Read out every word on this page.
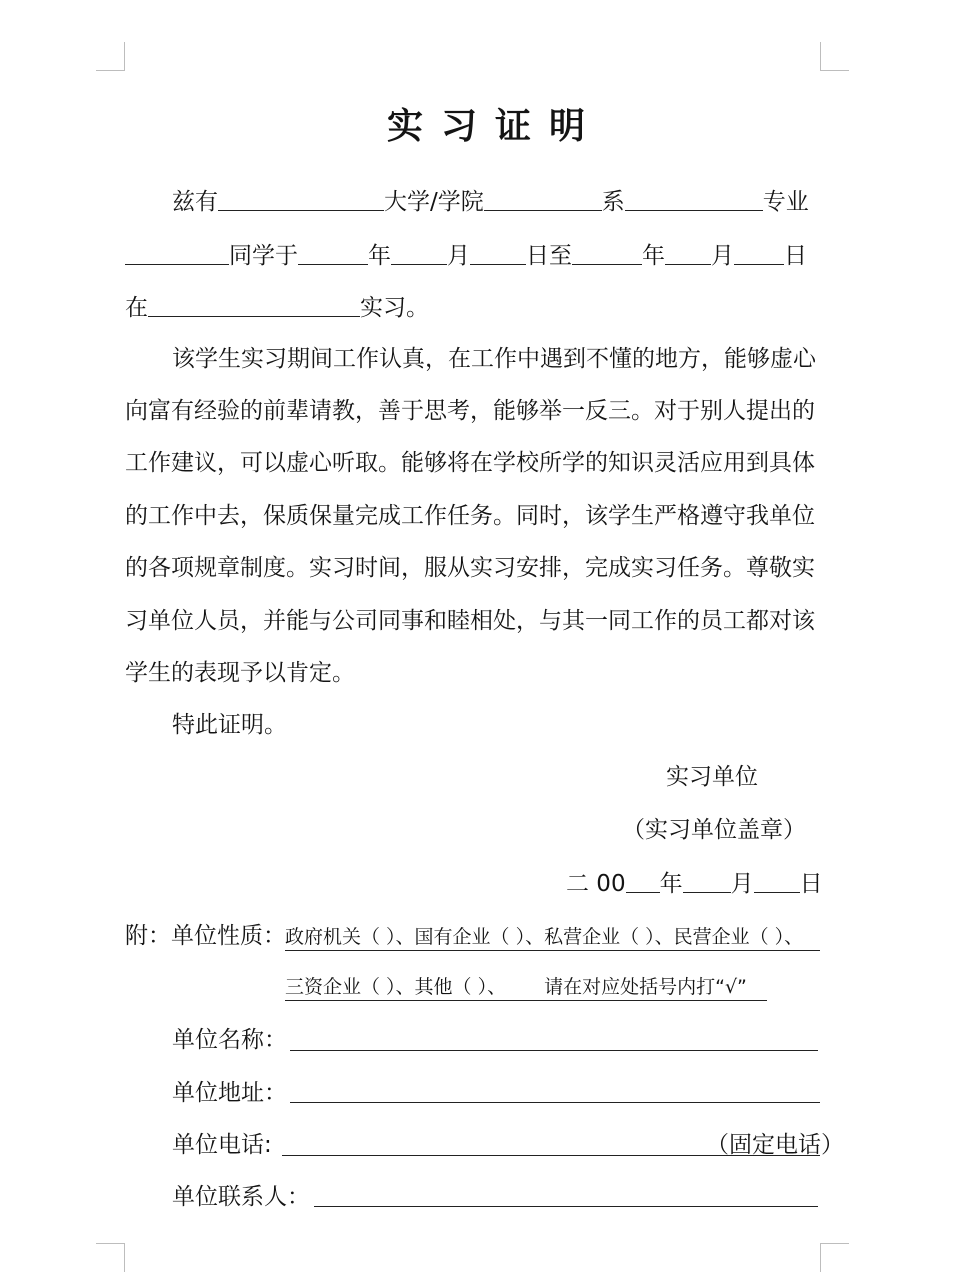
实习证明
兹有	大学/学院	系	专业
同学于	年 月 日至	年 月 日
在	实习。
该学生实习期间工作认真，在工作中遇到不懂的地方，能够虚心
向富有经验的前辈请教，善于思考，能够举一反三。对于别人提出的
工作建议，可以虚心听取。能够将在学校所学的知识灵活应用到具体
的工作中去，保质保量完成工作任务。同时，该学生严格遵守我单位
的各项规章制度。实习时间，服从实习安排，完成实习任务。尊敬实
习单位人员，并能与公司同事和睦相处，与其一同工作的员工都对该
学生的表现予以肯定。
特此证明。
实习单位
（实习单位盖章）
二 00 年 月 日
附：单位性质： 政府机关（ ）、国有企业（ ）、私营企业（ ）、民营企业（ ）、
三资企业（ ）、其他（ ）、 请在对应处括号内打“√”
单位名称：
单位地址：
单位电话:	（固定电话）
单位联系人：
